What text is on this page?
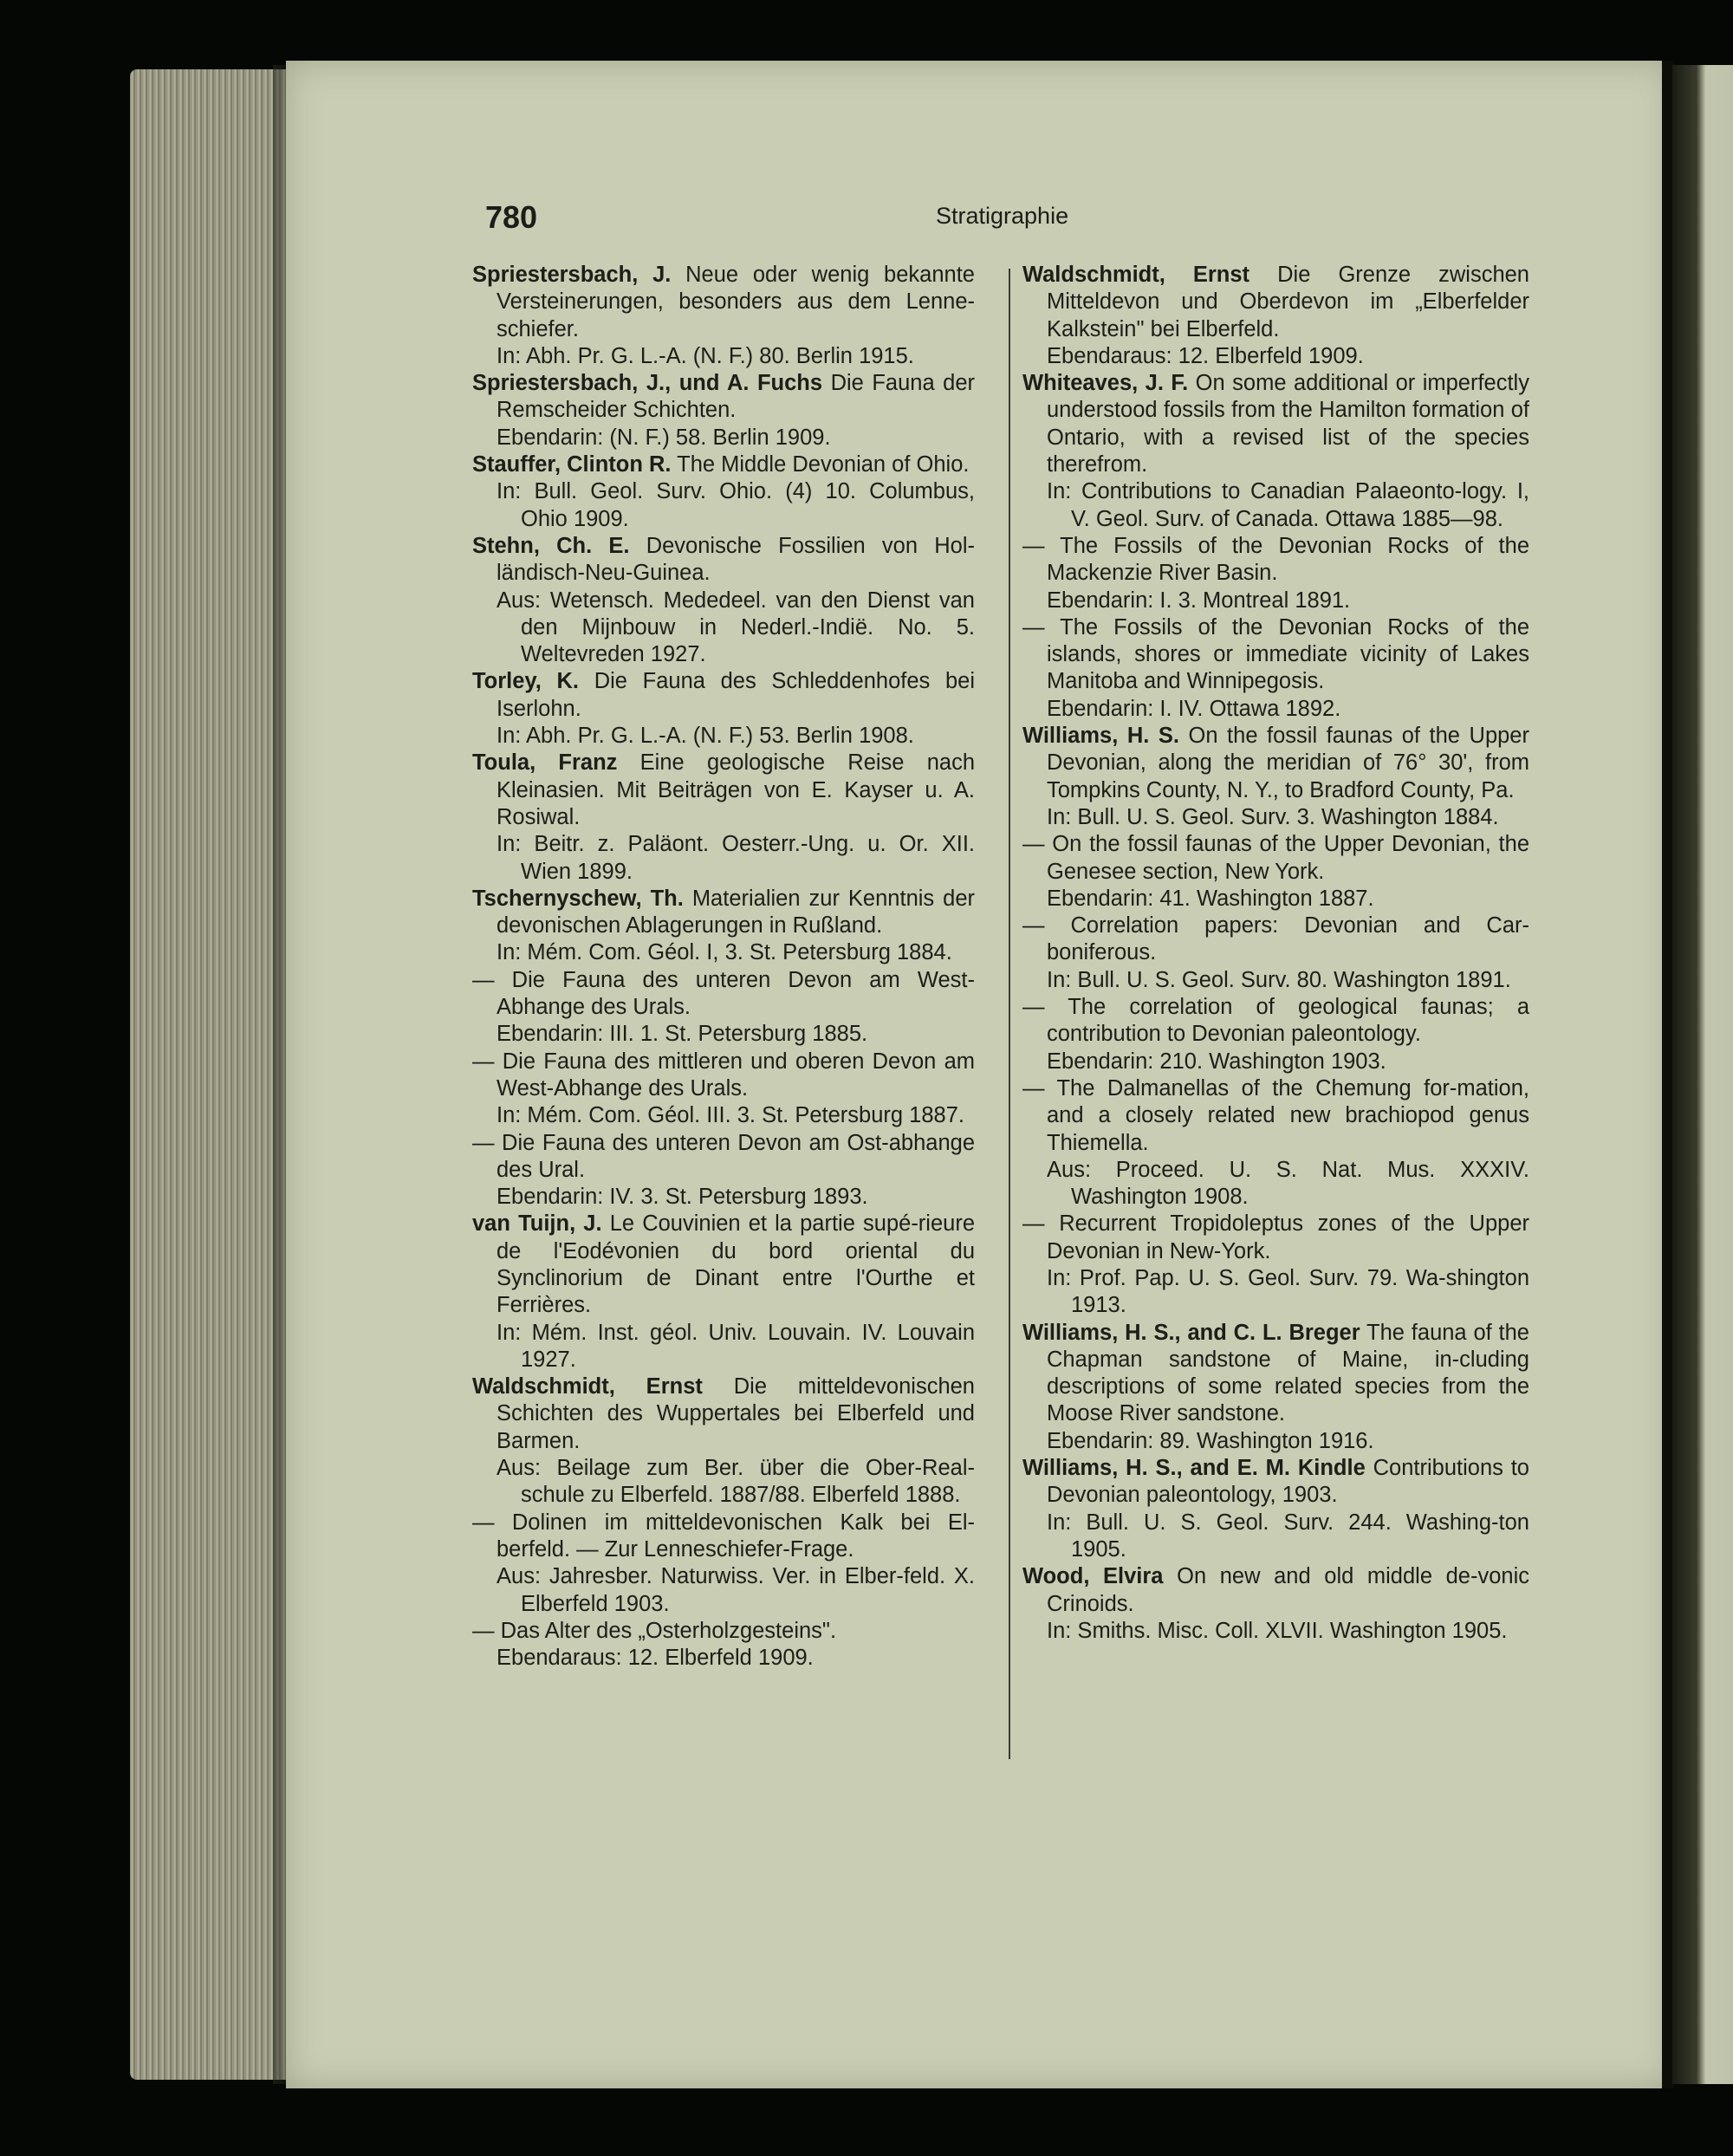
780	Stratigraphie
Spriestersbach, J. Neue oder wenig bekannte Versteinerungen, besonders aus dem Lenne-schiefer.
In: Abh. Pr. G. L.-A. (N. F.) 80. Berlin 1915.
Spriestersbach, J., und A. Fuchs Die Fauna der Remscheider Schichten.
Ebendarin: (N. F.) 58. Berlin 1909.
Stauffer, Clinton R. The Middle Devonian of Ohio.
In: Bull. Geol. Surv. Ohio. (4) 10. Columbus, Ohio 1909.
Stehn, Ch. E. Devonische Fossilien von Hol-ländisch-Neu-Guinea.
Aus: Wetensch. Mededeel. van den Dienst van den Mijnbouw in Nederl.-Indië. No. 5. Weltevreden 1927.
Torley, K. Die Fauna des Schleddenhofes bei Iserlohn.
In: Abh. Pr. G. L.-A. (N. F.) 53. Berlin 1908.
Toula, Franz Eine geologische Reise nach Kleinasien. Mit Beiträgen von E. Kayser u. A. Rosiwal.
In: Beitr. z. Paläont. Oesterr.-Ung. u. Or. XII. Wien 1899.
Tschernyschew, Th. Materialien zur Kenntnis der devonischen Ablagerungen in Rußland.
In: Mém. Com. Géol. I, 3. St. Petersburg 1884.
— Die Fauna des unteren Devon am West-Abhange des Urals.
Ebendarin: III. 1. St. Petersburg 1885.
— Die Fauna des mittleren und oberen Devon am West-Abhange des Urals.
In: Mém. Com. Géol. III. 3. St. Petersburg 1887.
— Die Fauna des unteren Devon am Ost-abhange des Ural.
Ebendarin: IV. 3. St. Petersburg 1893.
van Tuijn, J. Le Couvinien et la partie supé-rieure de l'Eodévonien du bord oriental du Synclinorium de Dinant entre l'Ourthe et Ferrières.
In: Mém. Inst. géol. Univ. Louvain. IV. Louvain 1927.
Waldschmidt, Ernst Die mitteldevonischen Schichten des Wuppertales bei Elberfeld und Barmen.
Aus: Beilage zum Ber. über die Ober-Real-schule zu Elberfeld. 1887/88. Elberfeld 1888.
— Dolinen im mitteldevonischen Kalk bei El-berfeld. — Zur Lenneschiefer-Frage.
Aus: Jahresber. Naturwiss. Ver. in Elber-feld. X. Elberfeld 1903.
— Das Alter des „Osterholzgesteins".
Ebendaraus: 12. Elberfeld 1909.
Waldschmidt, Ernst Die Grenze zwischen Mitteldevon und Oberdevon im „Elberfelder Kalkstein" bei Elberfeld.
Ebendaraus: 12. Elberfeld 1909.
Whiteaves, J. F. On some additional or imperfectly understood fossils from the Hamilton formation of Ontario, with a revised list of the species therefrom.
In: Contributions to Canadian Palaeonto-logy. I, V. Geol. Surv. of Canada. Ottawa 1885—98.
— The Fossils of the Devonian Rocks of the Mackenzie River Basin.
Ebendarin: I. 3. Montreal 1891.
— The Fossils of the Devonian Rocks of the islands, shores or immediate vicinity of Lakes Manitoba and Winnipegosis.
Ebendarin: I. IV. Ottawa 1892.
Williams, H. S. On the fossil faunas of the Upper Devonian, along the meridian of 76° 30', from Tompkins County, N. Y., to Bradford County, Pa.
In: Bull. U. S. Geol. Surv. 3. Washington 1884.
— On the fossil faunas of the Upper Devonian, the Genesee section, New York.
Ebendarin: 41. Washington 1887.
— Correlation papers: Devonian and Car-boniferous.
In: Bull. U. S. Geol. Surv. 80. Washington 1891.
— The correlation of geological faunas; a contribution to Devonian paleontology.
Ebendarin: 210. Washington 1903.
— The Dalmanellas of the Chemung for-mation, and a closely related new brachiopod genus Thiemella.
Aus: Proceed. U. S. Nat. Mus. XXXIV. Washington 1908.
— Recurrent Tropidoleptus zones of the Upper Devonian in New-York.
In: Prof. Pap. U. S. Geol. Surv. 79. Wa-shington 1913.
Williams, H. S., and C. L. Breger The fauna of the Chapman sandstone of Maine, in-cluding descriptions of some related species from the Moose River sandstone.
Ebendarin: 89. Washington 1916.
Williams, H. S., and E. M. Kindle Contributions to Devonian paleontology, 1903.
In: Bull. U. S. Geol. Surv. 244. Washing-ton 1905.
Wood, Elvira On new and old middle de-vonic Crinoids.
In: Smiths. Misc. Coll. XLVII. Washington 1905.
